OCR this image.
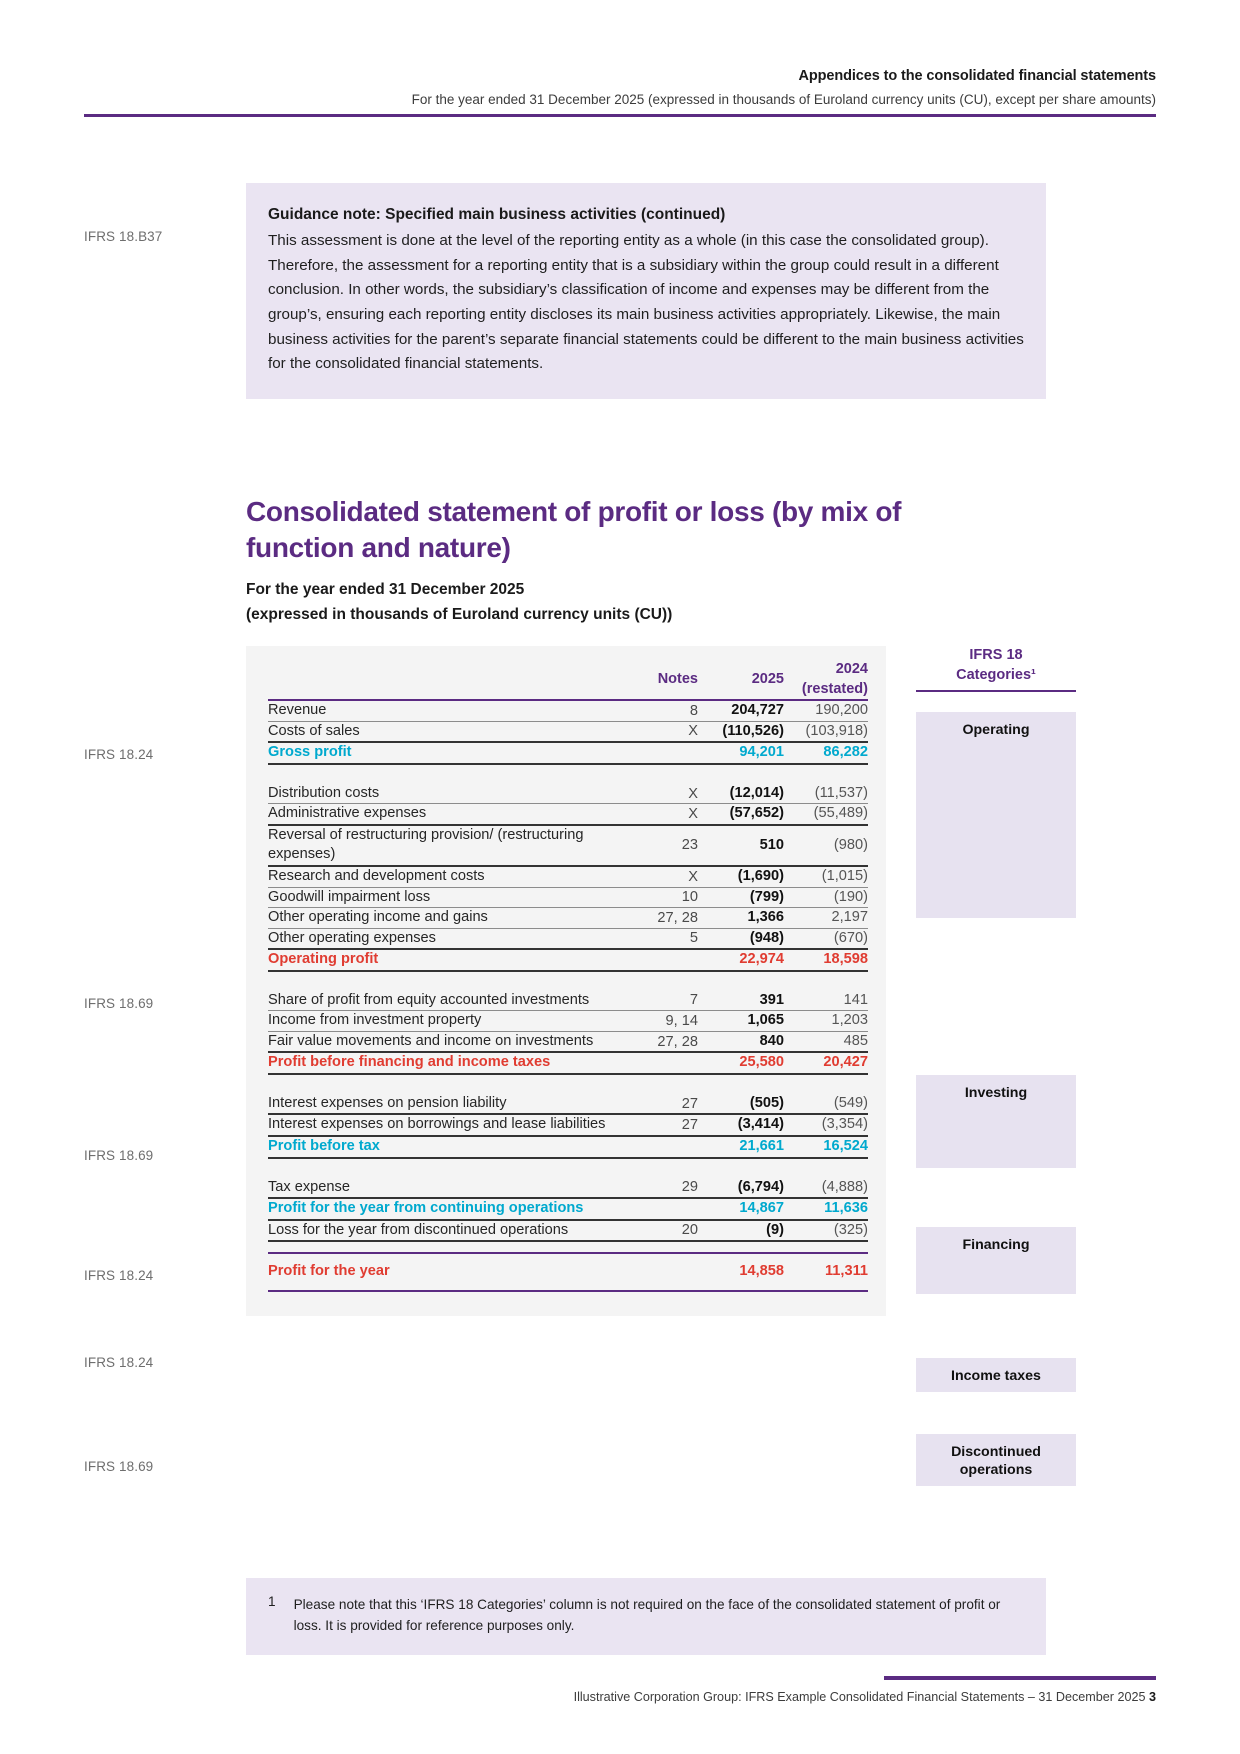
Appendices to the consolidated financial statements
For the year ended 31 December 2025 (expressed in thousands of Euroland currency units (CU), except per share amounts)
IFRS 18.B37
Guidance note: Specified main business activities (continued)
This assessment is done at the level of the reporting entity as a whole (in this case the consolidated group). Therefore, the assessment for a reporting entity that is a subsidiary within the group could result in a different conclusion. In other words, the subsidiary’s classification of income and expenses may be different from the group’s, ensuring each reporting entity discloses its main business activities appropriately. Likewise, the main business activities for the parent’s separate financial statements could be different to the main business activities for the consolidated financial statements.
Consolidated statement of profit or loss (by mix of function and nature)
For the year ended 31 December 2025
(expressed in thousands of Euroland currency units (CU))
IFRS 18.24
IFRS 18.69
IFRS 18.69
IFRS 18.24
IFRS 18.24
IFRS 18.69
	Notes	2025	2024
(restated)

Revenue	8	204,727	190,200
Costs of sales	X	(110,526)	(103,918)
Gross profit		94,201	86,282

Distribution costs	X	(12,014)	(11,537)
Administrative expenses	X	(57,652)	(55,489)
Reversal of restructuring provision/ (restructuring expenses)	23	510	(980)
Research and development costs	X	(1,690)	(1,015)
Goodwill impairment loss	10	(799)	(190)
Other operating income and gains	27, 28	1,366	2,197
Other operating expenses	5	(948)	(670)
Operating profit		22,974	18,598

Share of profit from equity accounted investments	7	391	141
Income from investment property	9, 14	1,065	1,203
Fair value movements and income on investments	27, 28	840	485
Profit before financing and income taxes		25,580	20,427

Interest expenses on pension liability	27	(505)	(549)
Interest expenses on borrowings and lease liabilities	27	(3,414)	(3,354)
Profit before tax		21,661	16,524

Tax expense	29	(6,794)	(4,888)
Profit for the year from continuing operations		14,867	11,636
Loss for the year from discontinued operations	20	(9)	(325)

Profit for the year		14,858	11,311
IFRS 18
Categories¹
Operating
Investing
Financing
Income taxes
Discontinued operations
1 Please note that this ‘IFRS 18 Categories’ column is not required on the face of the consolidated statement of profit or loss. It is provided for reference purposes only.
Illustrative Corporation Group: IFRS Example Consolidated Financial Statements – 31 December 2025 3
